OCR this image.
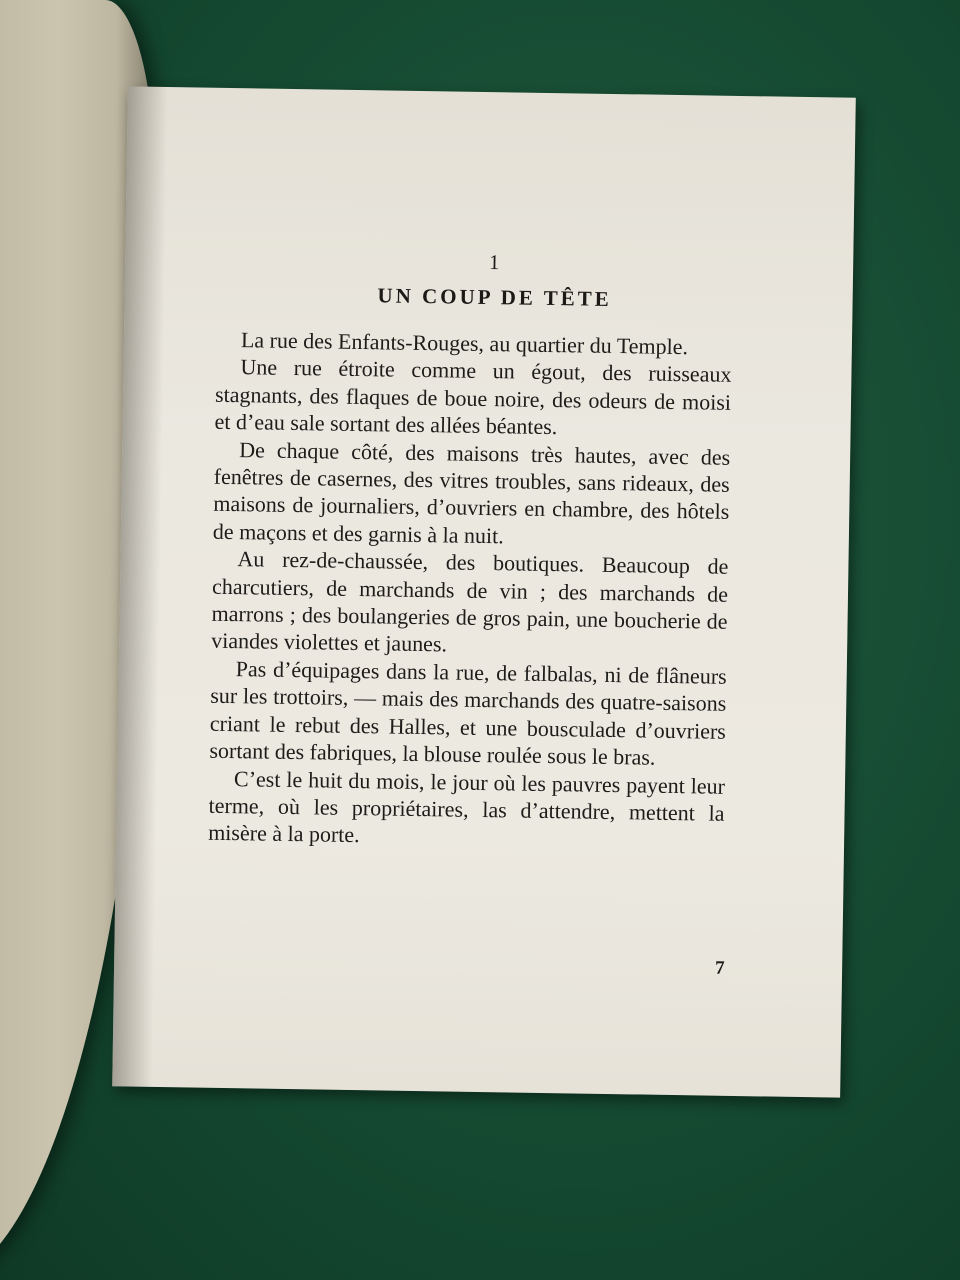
1
UN COUP DE TÊTE

La rue des Enfants-Rouges, au quartier du Temple.

Une rue étroite comme un égout, des ruisseaux stagnants, des flaques de boue noire, des odeurs de moisi et d’eau sale sortant des allées béantes.

De chaque côté, des maisons très hautes, avec des fenêtres de casernes, des vitres troubles, sans rideaux, des maisons de journaliers, d’ouvriers en chambre, des hôtels de maçons et des garnis à la nuit.

Au rez-de-chaussée, des boutiques. Beaucoup de charcutiers, de marchands de vin ; des marchands de marrons ; des boulangeries de gros pain, une boucherie de viandes violettes et jaunes.

Pas d’équipages dans la rue, de falbalas, ni de flâneurs sur les trottoirs, — mais des marchands des quatre-saisons criant le rebut des Halles, et une bousculade d’ouvriers sortant des fabriques, la blouse roulée sous le bras.

C’est le huit du mois, le jour où les pauvres payent leur terme, où les propriétaires, las d’attendre, mettent la misère à la porte.

7
